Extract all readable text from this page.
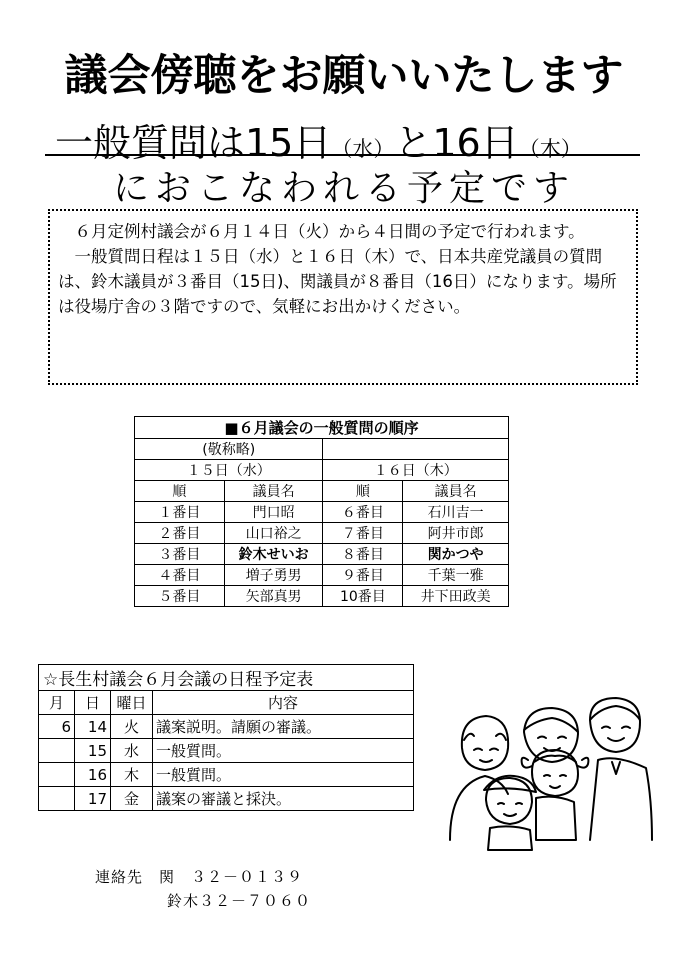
議会傍聴をお願いいたします
一般質問は15日（水）と16日（木）
におこなわれる予定です

６月定例村議会が６月１４日（火）から４日間の予定で行われます。

一般質問日程は１５日（水）と１６日（木）で、日本共産党議員の質問は、鈴木議員が３番目（15日)、関議員が８番目（16日）になります。場所は役場庁舎の３階ですので、気軽にお出かけください。

■６月議会の一般質問の順序			
(敬称略)			
１５日（水）		１６日（木）	
順	議員名	順	議員名
１番目	門口昭	６番目	石川吉一
２番目	山口裕之	７番目	阿井市郎
３番目	鈴木せいお	８番目	関かつや
４番目	増子勇男	９番目	千葉一雅
５番目	矢部真男	10番目	井下田政美
☆長生村議会６月会議の日程予定表			
月	日	曜日	内容
6	14	火	議案説明。請願の審議。
	15	水	一般質問。
	16	木	一般質問。
	17	金	議案の審議と採決。
連絡先　関　３２－０１３９
鈴木３２－７０６０
